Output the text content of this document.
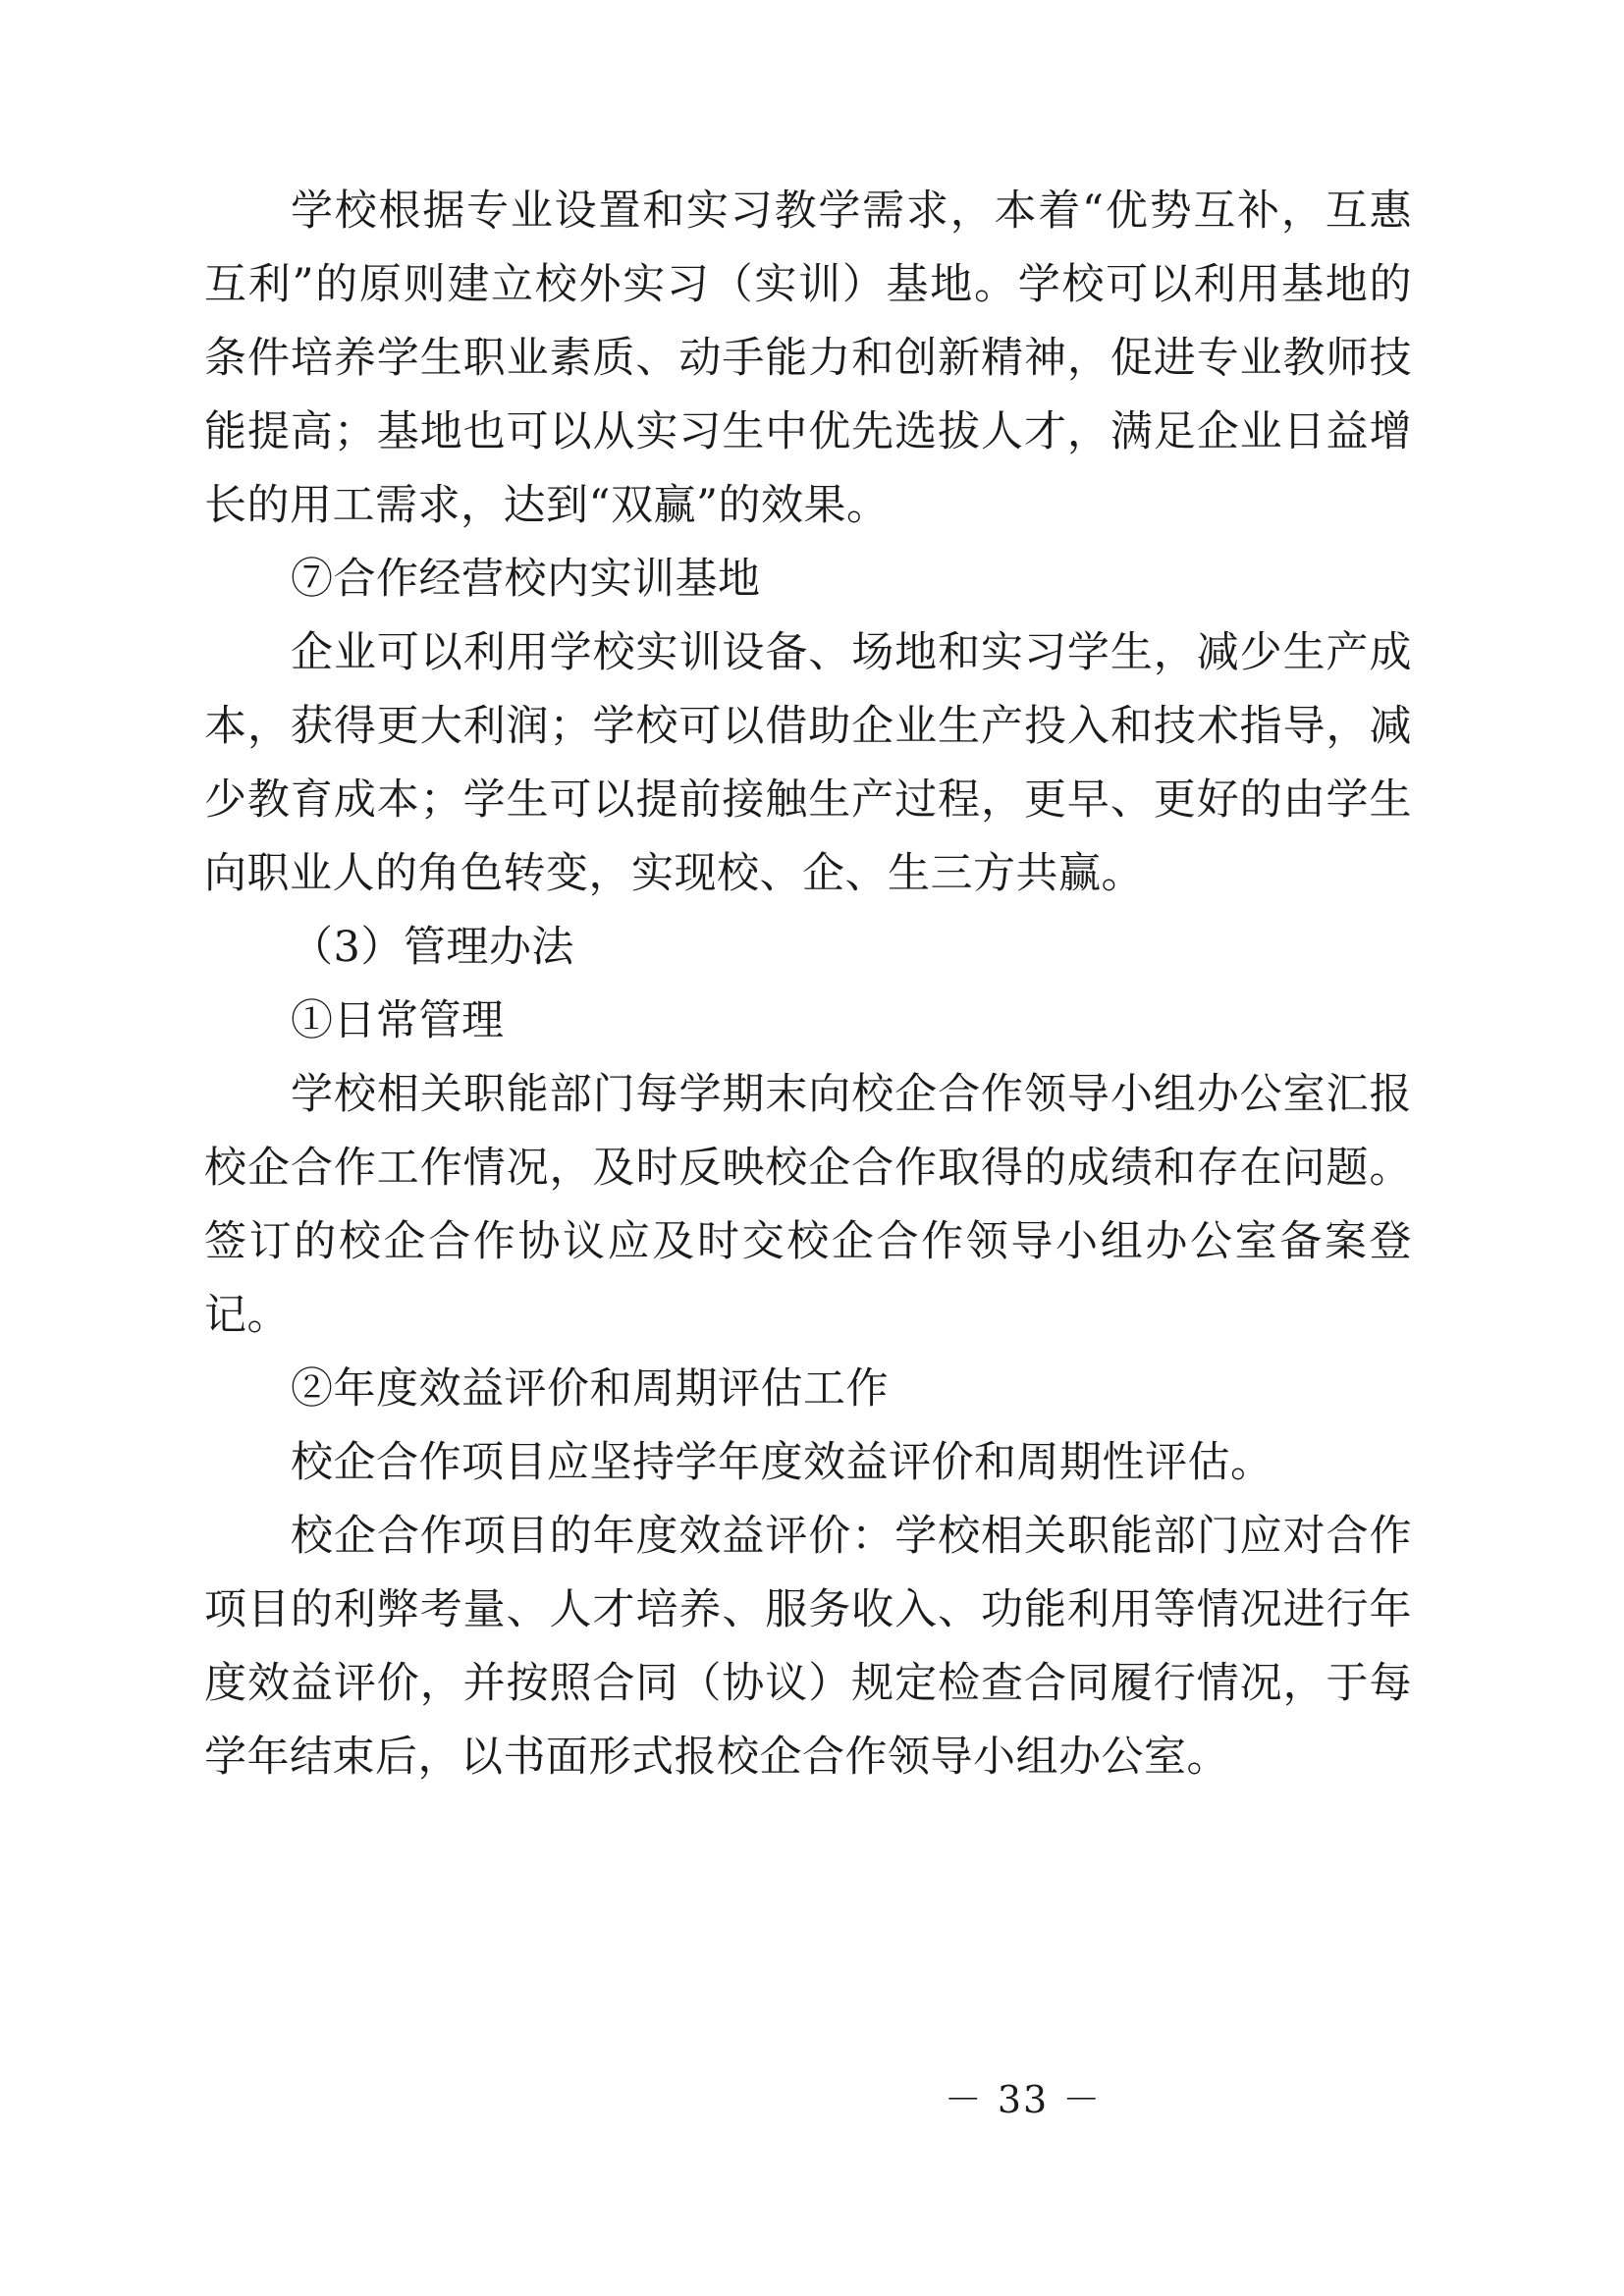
学校根据专业设置和实习教学需求，本着“优势互补，互惠互利”的原则建立校外实习（实训）基地。学校可以利用基地的条件培养学生职业素质、动手能力和创新精神，促进专业教师技能提高；基地也可以从实习生中优先选拔人才，满足企业日益增长的用工需求，达到“双赢”的效果。

⑦合作经营校内实训基地

企业可以利用学校实训设备、场地和实习学生，减少生产成本，获得更大利润；学校可以借助企业生产投入和技术指导，减少教育成本；学生可以提前接触生产过程，更早、更好的由学生向职业人的角色转变，实现校、企、生三方共赢。

（3）管理办法

①日常管理

学校相关职能部门每学期末向校企合作领导小组办公室汇报校企合作工作情况，及时反映校企合作取得的成绩和存在问题。签订的校企合作协议应及时交校企合作领导小组办公室备案登记。

②年度效益评价和周期评估工作

校企合作项目应坚持学年度效益评价和周期性评估。

校企合作项目的年度效益评价：学校相关职能部门应对合作项目的利弊考量、人才培养、服务收入、功能利用等情况进行年度效益评价，并按照合同（协议）规定检查合同履行情况，于每学年结束后，以书面形式报校企合作领导小组办公室。

－ 33 －
